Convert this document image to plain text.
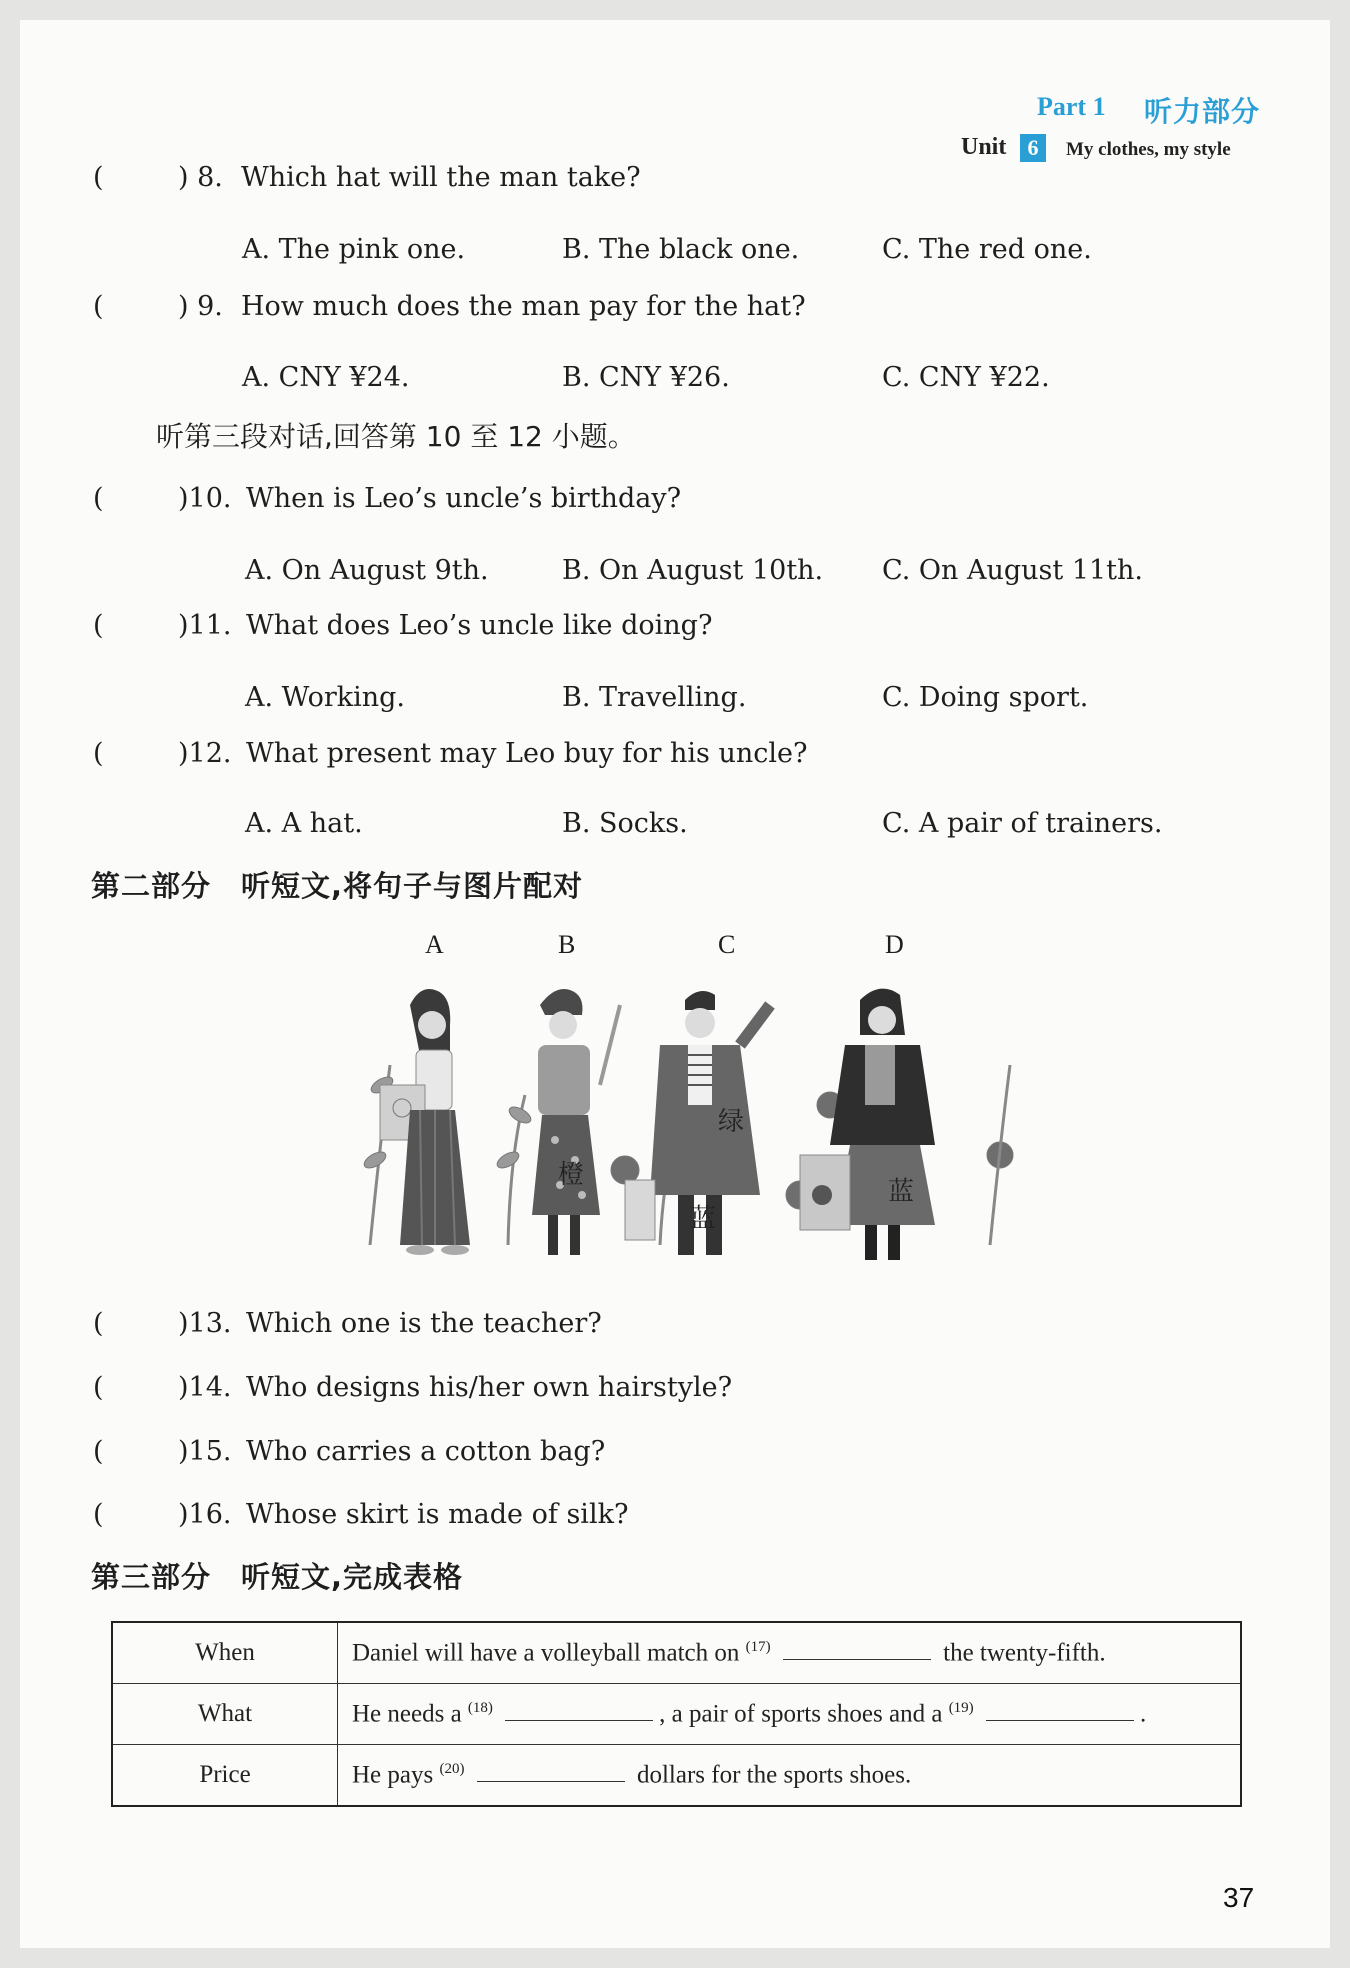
Part 1 听力部分
Unit 6	My clothes, my style
(	) 8. Which hat will the man take?
A. The pink one.	B. The black one.	C. The red one.
(	) 9. How much does the man pay for the hat?
A. CNY ¥24.	B. CNY ¥26.	C. CNY ¥22.
听第三段对话,回答第 10 至 12 小题。
(	)10. When is Leo’s uncle’s birthday?
A. On August 9th.	B. On August 10th. C. On August 11th.
(	)11. What does Leo’s uncle like doing?
A. Working.	B. Travelling.	C. Doing sport.
(	)12. What present may Leo buy for his uncle?
A. A hat.	B. Socks.	C. A pair of trainers.
第二部分　听短文,将句子与图片配对
A	B	C	D
橙
绿
蓝
蓝
(	)13. Which one is the teacher?
(	)14. Who designs his/her own hairstyle?
(	)15. Who carries a cotton bag?
(	)16. Whose skirt is made of silk?
第三部分　听短文,完成表格
When	Daniel will have a volleyball match on $^{(17)}$ the twenty-fifth.
What	He needs a $^{(18)}$ , a pair of sports shoes and a $^{(19)}$ .
Price	He pays $^{(20)}$ dollars for the sports shoes.
37
